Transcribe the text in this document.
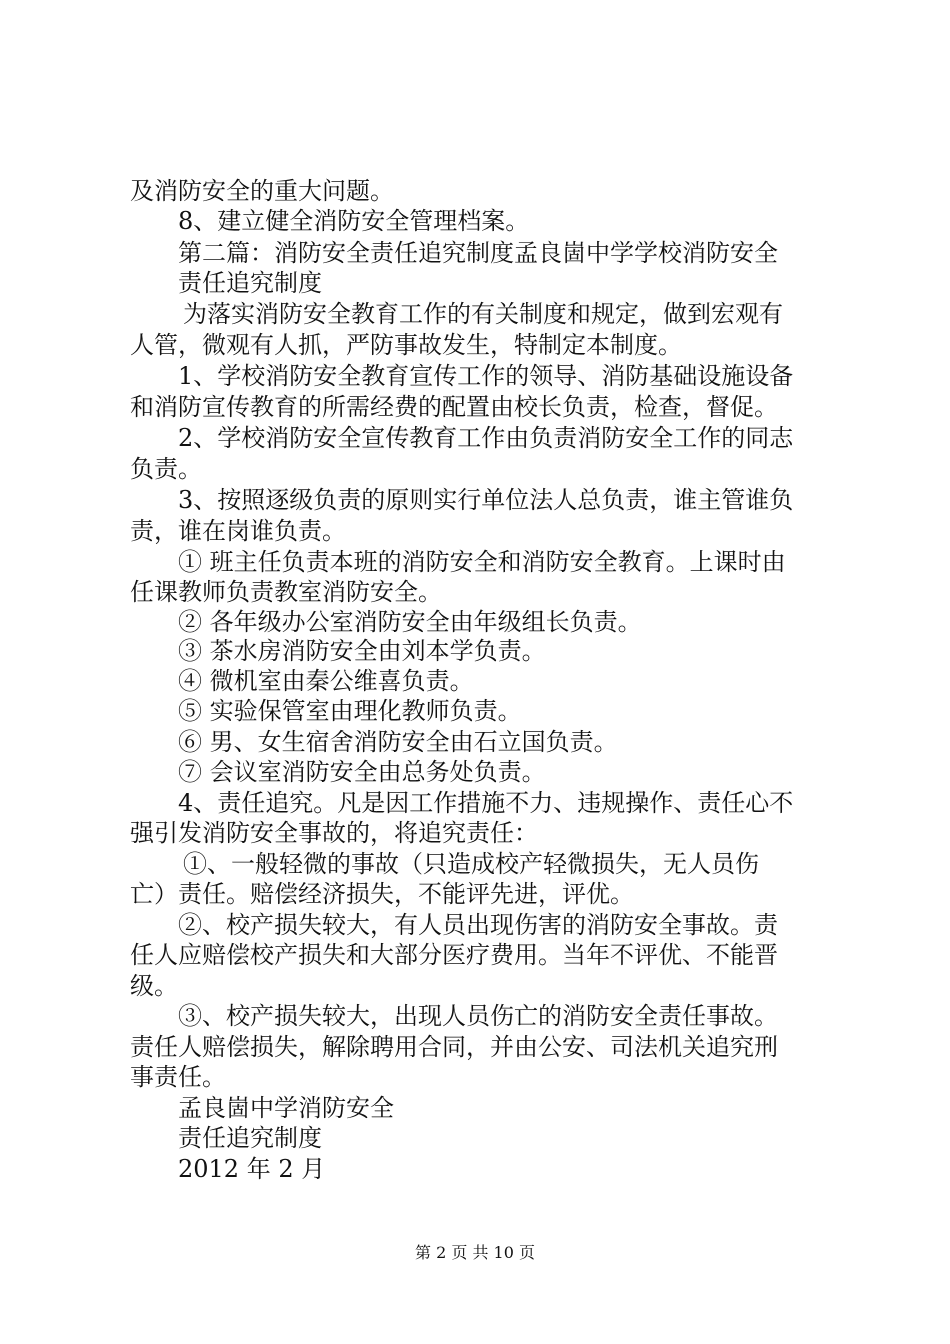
及消防安全的重大问题。
8、建立健全消防安全管理档案。
第二篇：消防安全责任追究制度孟良崮中学学校消防安全
责任追究制度
为落实消防安全教育工作的有关制度和规定，做到宏观有
人管，微观有人抓，严防事故发生，特制定本制度。
1、学校消防安全教育宣传工作的领导、消防基础设施设备
和消防宣传教育的所需经费的配置由校长负责，检查，督促。
2、学校消防安全宣传教育工作由负责消防安全工作的同志
负责。
3、按照逐级负责的原则实行单位法人总负责，谁主管谁负
责，谁在岗谁负责。
① 班主任负责本班的消防安全和消防安全教育。上课时由
任课教师负责教室消防安全。
② 各年级办公室消防安全由年级组长负责。
③ 茶水房消防安全由刘本学负责。
④ 微机室由秦公维喜负责。
⑤ 实验保管室由理化教师负责。
⑥ 男、女生宿舍消防安全由石立国负责。
⑦ 会议室消防安全由总务处负责。
4、责任追究。凡是因工作措施不力、违规操作、责任心不
强引发消防安全事故的，将追究责任：
①、一般轻微的事故（只造成校产轻微损失，无人员伤
亡）责任。赔偿经济损失，不能评先进，评优。
②、校产损失较大，有人员出现伤害的消防安全事故。责
任人应赔偿校产损失和大部分医疗费用。当年不评优、不能晋
级。
③、校产损失较大，出现人员伤亡的消防安全责任事故。
责任人赔偿损失，解除聘用合同，并由公安、司法机关追究刑
事责任。
孟良崮中学消防安全
责任追究制度
2012 年 2 月
第 2 页 共 10 页
